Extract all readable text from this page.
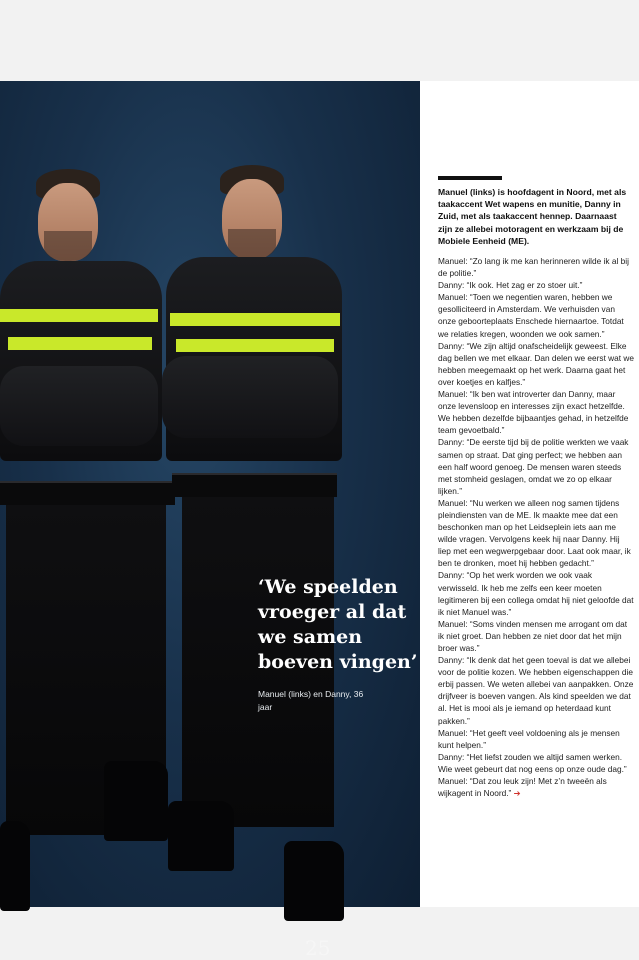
25
‘We speelden vroeger al dat we samen boeven vingen’
Manuel (links) en Danny, 36 jaar
Manuel (links) is hoofdagent in Noord, met als taakaccent Wet wapens en munitie, Danny in Zuid, met als taakaccent hennep. Daarnaast zijn ze allebei motoragent en werkzaam bij de Mobiele Eenheid (ME).

Manuel: “Zo lang ik me kan herinneren wilde ik al bij de politie.”

Danny: “Ik ook. Het zag er zo stoer uit.”

Manuel: “Toen we negentien waren, hebben we gesolliciteerd in Amsterdam. We verhuisden van onze geboorteplaats Enschede hiernaartoe. Totdat we relaties kregen, woonden we ook samen.”

Danny: “We zijn altijd onafscheidelijk geweest. Elke dag bellen we met elkaar. Dan delen we eerst wat we hebben meegemaakt op het werk. Daarna gaat het over koetjes en kalfjes.”

Manuel: “Ik ben wat introverter dan Danny, maar onze levensloop en interesses zijn exact hetzelfde. We hebben dezelfde bijbaantjes gehad, in hetzelfde team gevoetbald.”

Danny: “De eerste tijd bij de politie werkten we vaak samen op straat. Dat ging perfect; we hebben aan een half woord genoeg. De mensen waren steeds met stomheid geslagen, omdat we zo op elkaar lijken.”

Manuel: “Nu werken we alleen nog samen tijdens pleindiensten van de ME. Ik maakte mee dat een beschonken man op het Leidseplein iets aan me wilde vragen. Vervolgens keek hij naar Danny. Hij liep met een wegwerpgebaar door. Laat ook maar, ik ben te dronken, moet hij hebben gedacht.”

Danny: “Op het werk worden we ook vaak verwisseld. Ik heb me zelfs een keer moeten legitimeren bij een collega omdat hij niet geloofde dat ik niet Manuel was.”

Manuel: “Soms vinden mensen me arrogant om dat ik niet groet. Dan hebben ze niet door dat het mijn broer was.”

Danny: “Ik denk dat het geen toeval is dat we allebei voor de politie kozen. We hebben eigenschappen die erbij passen. We weten allebei van aanpakken. Onze drijfveer is boeven vangen. Als kind speelden we dat al. Het is mooi als je iemand op heterdaad kunt pakken.”

Manuel: “Het geeft veel voldoening als je mensen kunt helpen.”

Danny: “Het liefst zouden we altijd samen werken. Wie weet gebeurt dat nog eens op onze oude dag.”

Manuel: “Dat zou leuk zijn! Met z’n tweeën als wijkagent in Noord.” ➔
